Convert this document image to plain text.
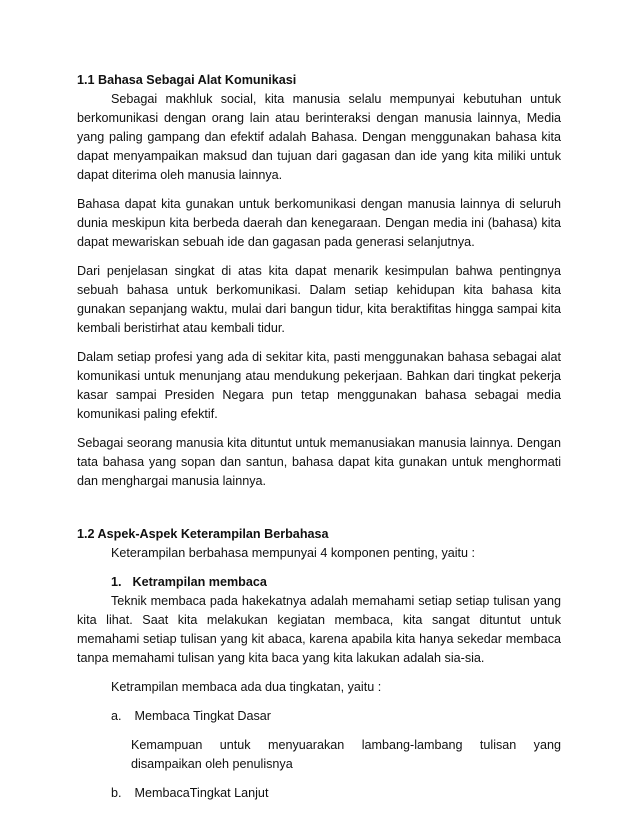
1.1 Bahasa Sebagai Alat Komunikasi

Sebagai makhluk social, kita manusia selalu mempunyai kebutuhan untuk berkomunikasi dengan orang lain atau berinteraksi dengan manusia lainnya, Media yang paling gampang dan efektif adalah Bahasa. Dengan menggunakan bahasa kita dapat menyampaikan maksud dan tujuan dari gagasan dan ide yang kita miliki untuk dapat diterima oleh manusia lainnya.

Bahasa dapat kita gunakan untuk berkomunikasi dengan manusia lainnya di seluruh dunia meskipun kita berbeda daerah dan kenegaraan. Dengan media ini (bahasa) kita dapat mewariskan sebuah ide dan gagasan pada generasi selanjutnya.

Dari penjelasan singkat di atas kita dapat menarik kesimpulan bahwa pentingnya sebuah bahasa untuk berkomunikasi. Dalam setiap kehidupan kita bahasa kita gunakan sepanjang waktu, mulai dari bangun tidur, kita beraktifitas hingga sampai kita kembali beristirhat atau kembali tidur.

Dalam setiap profesi yang ada di sekitar kita, pasti menggunakan bahasa sebagai alat komunikasi untuk menunjang atau mendukung pekerjaan. Bahkan dari tingkat pekerja kasar sampai Presiden Negara pun tetap menggunakan bahasa sebagai media komunikasi paling efektif.

Sebagai seorang manusia kita dituntut untuk memanusiakan manusia lainnya. Dengan tata bahasa yang sopan dan santun, bahasa dapat kita gunakan untuk menghormati dan menghargai manusia lainnya.

1.2 Aspek-Aspek Keterampilan Berbahasa

Keterampilan berbahasa mempunyai 4 komponen penting, yaitu :

1. Ketrampilan membaca

Teknik membaca pada hakekatnya adalah memahami setiap setiap tulisan yang kita lihat. Saat kita melakukan kegiatan membaca, kita sangat dituntut untuk memahami setiap tulisan yang kit abaca, karena apabila kita hanya sekedar membaca tanpa memahami tulisan yang kita baca yang kita lakukan adalah sia-sia.

Ketrampilan membaca ada dua tingkatan, yaitu :

a. Membaca Tingkat Dasar

Kemampuan untuk menyuarakan lambang-lambang tulisan yang disampaikan oleh penulisnya

b. MembacaTingkat Lanjut
